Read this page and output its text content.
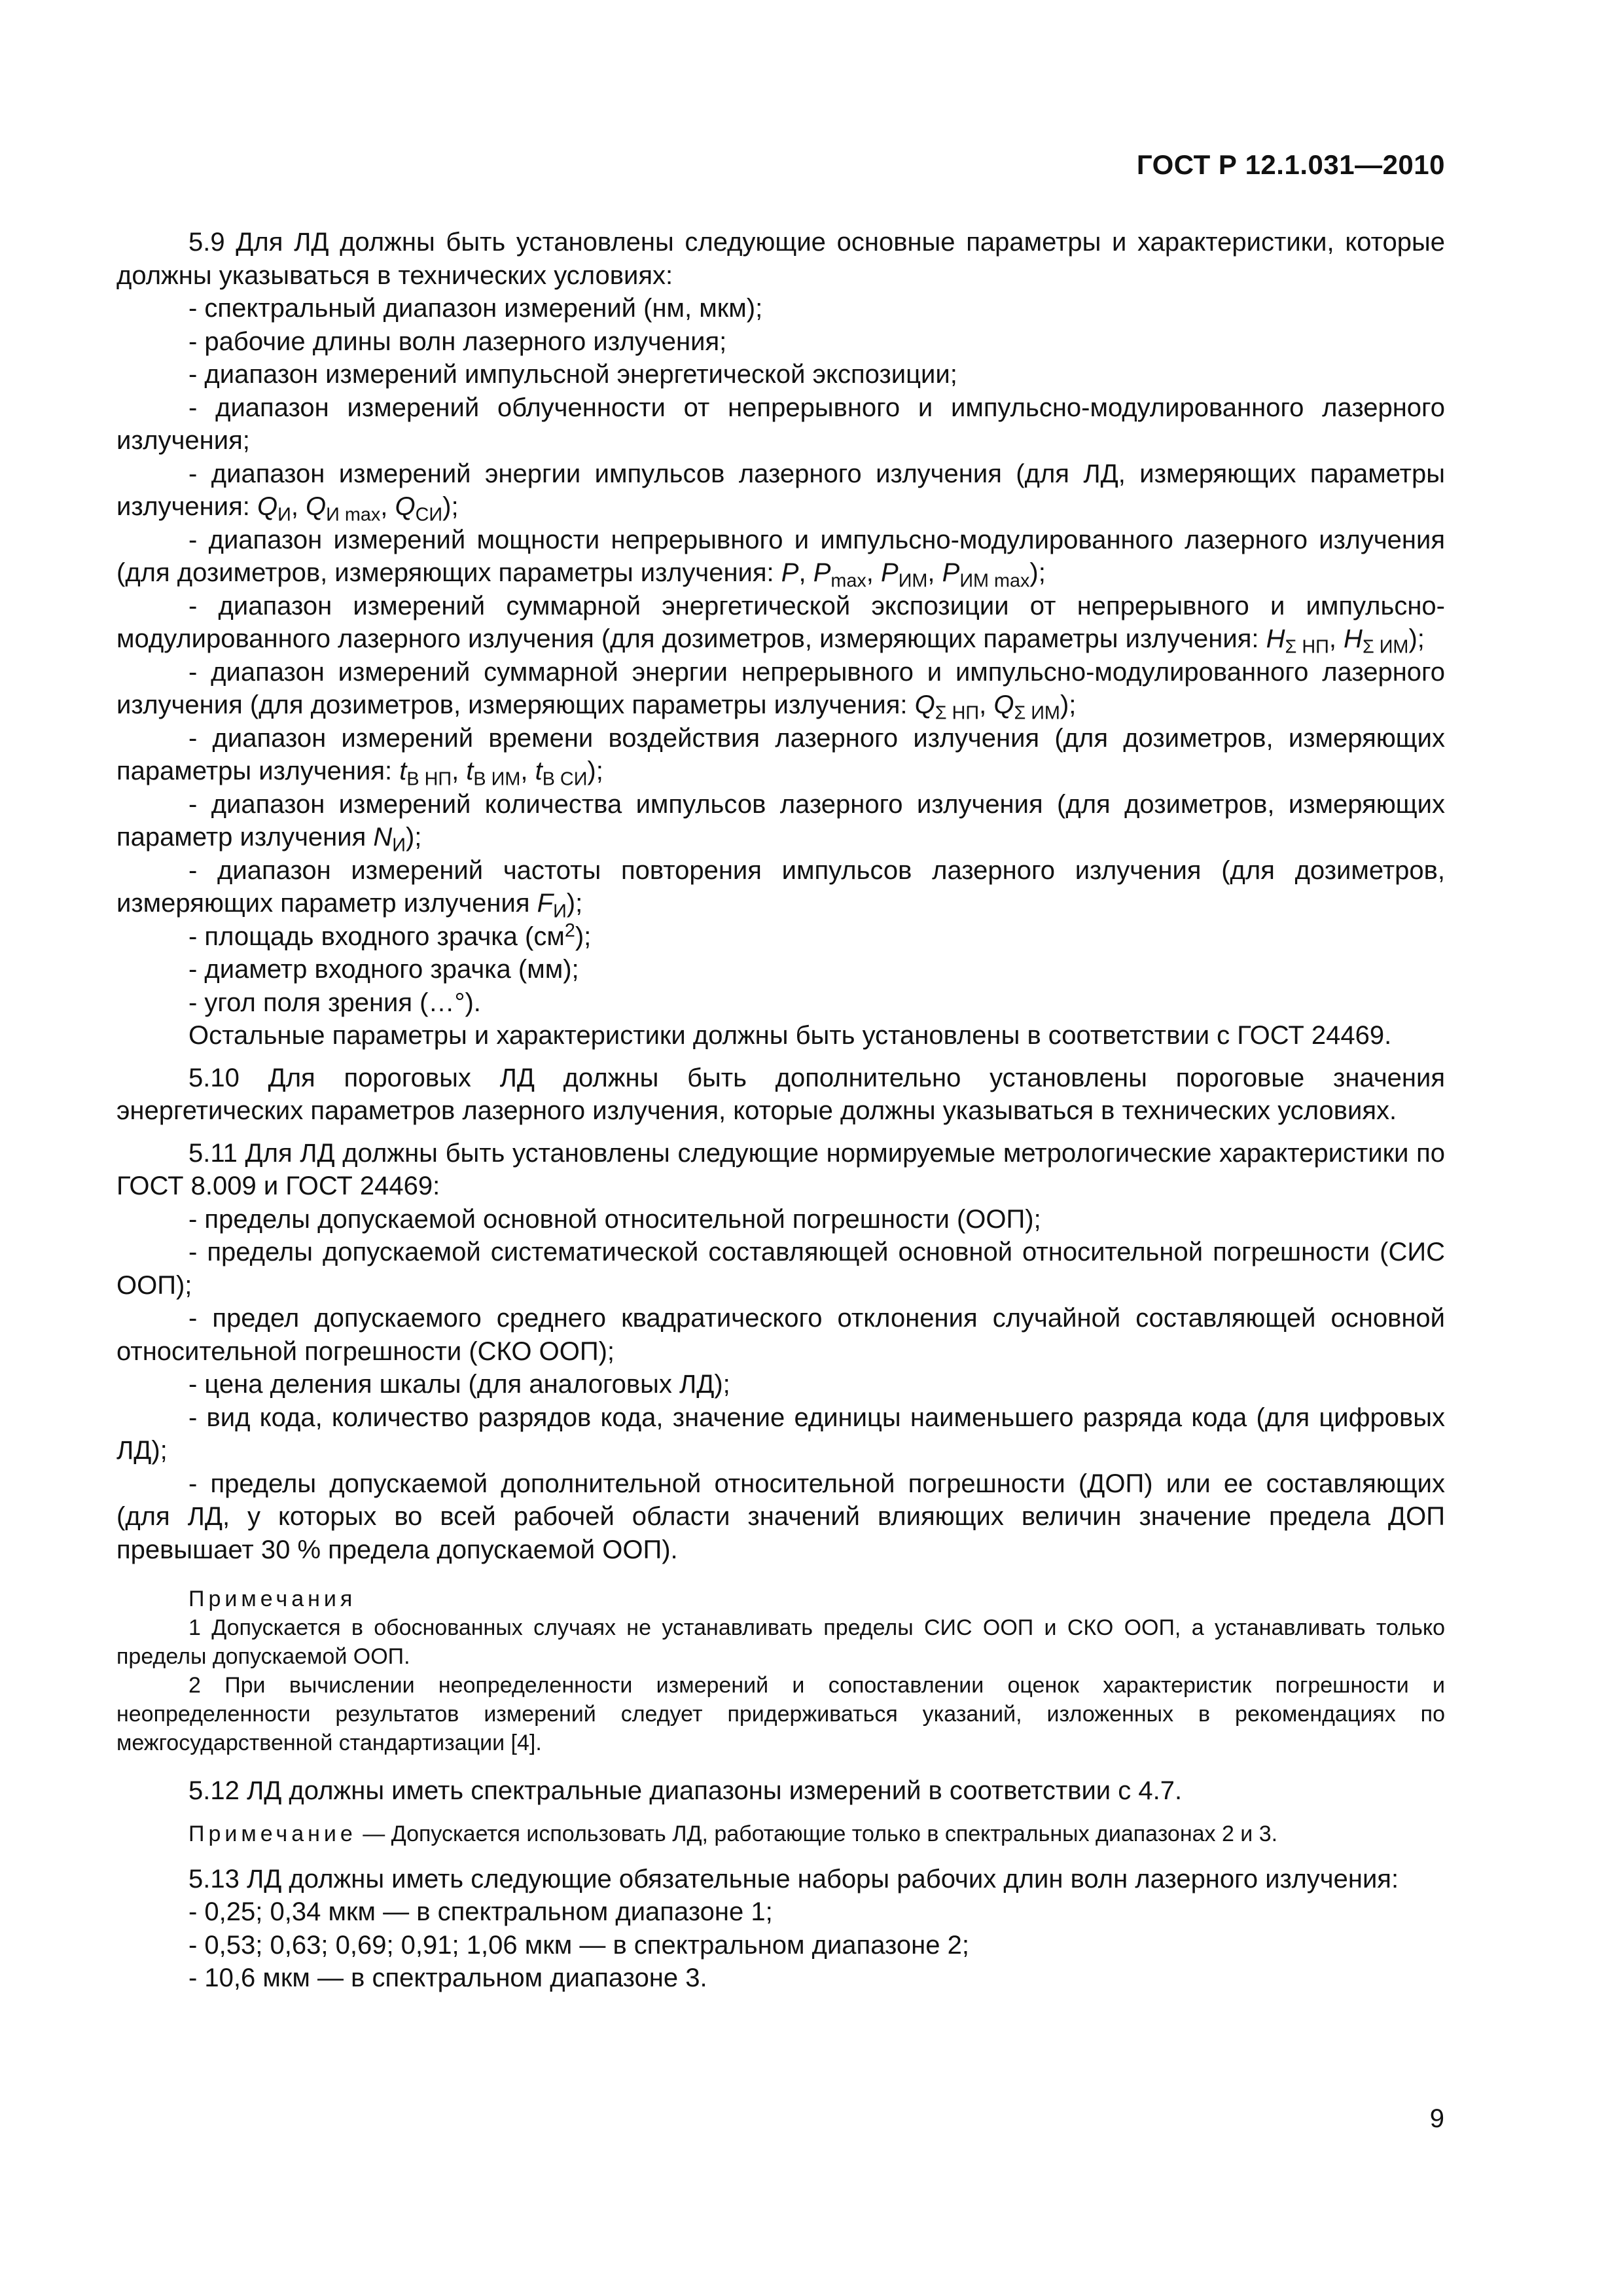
ГОСТ Р 12.1.031—2010

5.9 Для ЛД должны быть установлены следующие основные параметры и характеристики, которые должны указываться в технических условиях:

- спектральный диапазон измерений (нм, мкм);

- рабочие длины волн лазерного излучения;

- диапазон измерений импульсной энергетической экспозиции;

- диапазон измерений облученности от непрерывного и импульсно-модулированного лазерного излучения;

- диапазон измерений энергии импульсов лазерного излучения (для ЛД, измеряющих параметры излучения: $Q_И$, $Q_{И max}$, $Q_{СИ}$);

- диапазон измерений мощности непрерывного и импульсно-модулированного лазерного излучения (для дозиметров, измеряющих параметры излучения: P, $P_{max}$, $P_{ИМ}$, $P_{ИМ max}$);

- диапазон измерений суммарной энергетической экспозиции от непрерывного и импульсно-модулированного лазерного излучения (для дозиметров, измеряющих параметры излучения: $H_{\Sigma НП}$, $H_{\Sigma ИМ}$);

- диапазон измерений суммарной энергии непрерывного и импульсно-модулированного лазерного излучения (для дозиметров, измеряющих параметры излучения: $Q_{\Sigma НП}$, $Q_{\Sigma ИМ}$);

- диапазон измерений времени воздействия лазерного излучения (для дозиметров, измеряющих параметры излучения: $t_{В НП}$, $t_{В ИМ}$, $t_{В СИ}$);

- диапазон измерений количества импульсов лазерного излучения (для дозиметров, измеряющих параметр излучения $N_И$);

- диапазон измерений частоты повторения импульсов лазерного излучения (для дозиметров, измеряющих параметр излучения $F_И$);

- площадь входного зрачка $(см^2)$;

- диаметр входного зрачка (мм);

- угол поля зрения (…°).

Остальные параметры и характеристики должны быть установлены в соответствии с ГОСТ 24469.

5.10 Для пороговых ЛД должны быть дополнительно установлены пороговые значения энергетических параметров лазерного излучения, которые должны указываться в технических условиях.

5.11 Для ЛД должны быть установлены следующие нормируемые метрологические характеристики по ГОСТ 8.009 и ГОСТ 24469:

- пределы допускаемой основной относительной погрешности (ООП);

- пределы допускаемой систематической составляющей основной относительной погрешности (СИС ООП);

- предел допускаемого среднего квадратического отклонения случайной составляющей основной относительной погрешности (СКО ООП);

- цена деления шкалы (для аналоговых ЛД);

- вид кода, количество разрядов кода, значение единицы наименьшего разряда кода (для цифровых ЛД);

- пределы допускаемой дополнительной относительной погрешности (ДОП) или ее составляющих (для ЛД, у которых во всей рабочей области значений влияющих величин значение предела ДОП превышает 30 % предела допускаемой ООП).

Примечания

1 Допускается в обоснованных случаях не устанавливать пределы СИС ООП и СКО ООП, а устанавливать только пределы допускаемой ООП.

2 При вычислении неопределенности измерений и сопоставлении оценок характеристик погрешности и неопределенности результатов измерений следует придерживаться указаний, изложенных в рекомендациях по межгосударственной стандартизации [4].

5.12 ЛД должны иметь спектральные диапазоны измерений в соответствии с 4.7.

Примечание — Допускается использовать ЛД, работающие только в спектральных диапазонах 2 и 3.

5.13 ЛД должны иметь следующие обязательные наборы рабочих длин волн лазерного излучения:

- 0,25; 0,34 мкм — в спектральном диапазоне 1;

- 0,53; 0,63; 0,69; 0,91; 1,06 мкм — в спектральном диапазоне 2;

- 10,6 мкм — в спектральном диапазоне 3.

9
